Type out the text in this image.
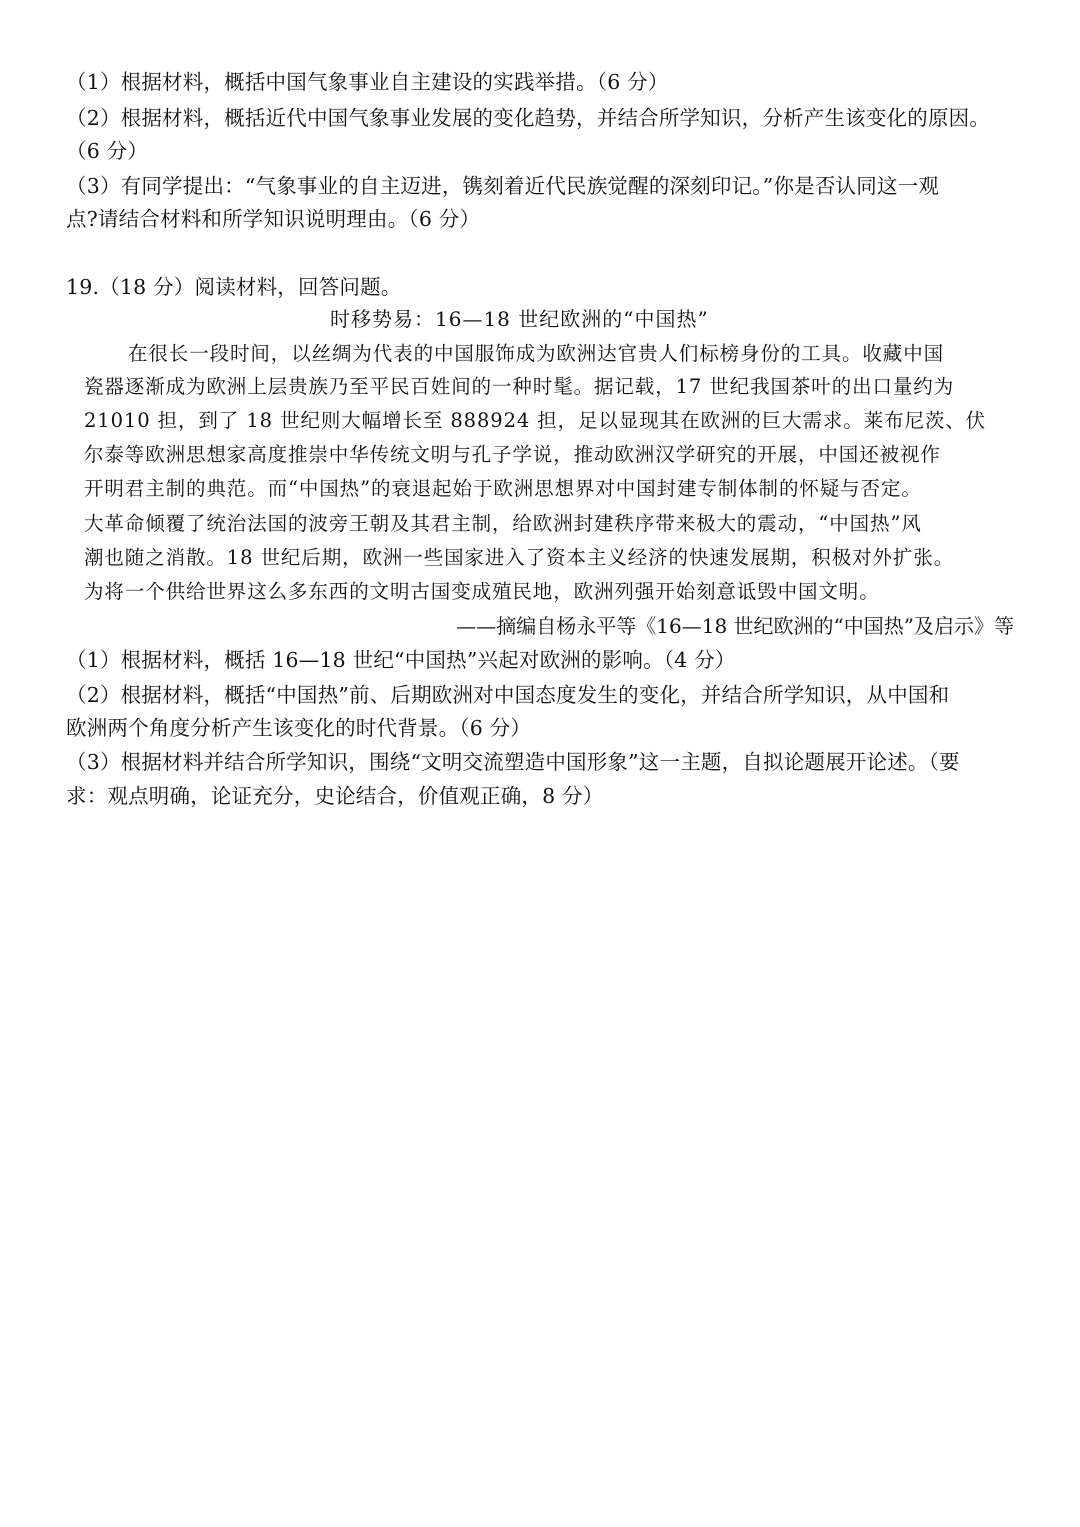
（1）根据材料，概括中国气象事业自主建设的实践举措。（6 分）
（2）根据材料，概括近代中国气象事业发展的变化趋势，并结合所学知识，分析产生该变化的原因。
（6 分）
（3）有同学提出：“气象事业的自主迈进，镌刻着近代民族觉醒的深刻印记。”你是否认同这一观
点?请结合材料和所学知识说明理由。（6 分）
19.（18 分）阅读材料，回答问题。
时移势易：16—18 世纪欧洲的“中国热”
在很长一段时间，以丝绸为代表的中国服饰成为欧洲达官贵人们标榜身份的工具。收藏中国
瓷器逐渐成为欧洲上层贵族乃至平民百姓间的一种时髦。据记载，17 世纪我国茶叶的出口量约为
21010 担，到了 18 世纪则大幅增长至 888924 担，足以显现其在欧洲的巨大需求。莱布尼茨、伏
尔泰等欧洲思想家高度推崇中华传统文明与孔子学说，推动欧洲汉学研究的开展，中国还被视作
开明君主制的典范。而“中国热”的衰退起始于欧洲思想界对中国封建专制体制的怀疑与否定。
大革命倾覆了统治法国的波旁王朝及其君主制，给欧洲封建秩序带来极大的震动，“中国热”风
潮也随之消散。18 世纪后期，欧洲一些国家进入了资本主义经济的快速发展期，积极对外扩张。
为将一个供给世界这么多东西的文明古国变成殖民地，欧洲列强开始刻意诋毁中国文明。
——摘编自杨永平等《16—18 世纪欧洲的“中国热”及启示》等
（1）根据材料，概括 16—18 世纪“中国热”兴起对欧洲的影响。（4 分）
（2）根据材料，概括“中国热”前、后期欧洲对中国态度发生的变化，并结合所学知识，从中国和
欧洲两个角度分析产生该变化的时代背景。（6 分）
（3）根据材料并结合所学知识，围绕“文明交流塑造中国形象”这一主题，自拟论题展开论述。（要
求：观点明确，论证充分，史论结合，价值观正确，8 分）
